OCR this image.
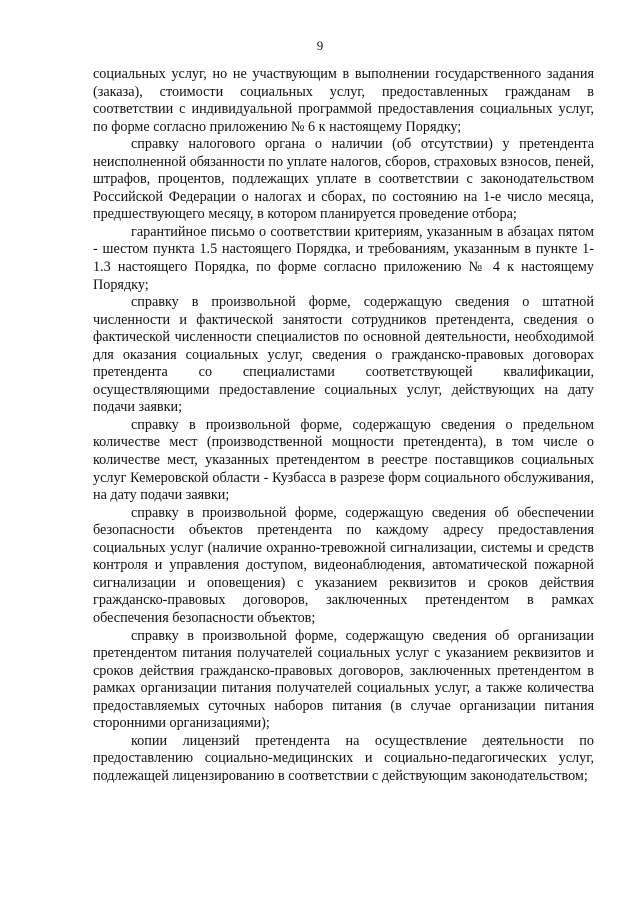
9

социальных услуг, но не участвующим в выполнении государственного задания (заказа), стоимости социальных услуг, предоставленных гражданам в соответствии с индивидуальной программой предоставления социальных услуг, по форме согласно приложению № 6 к настоящему Порядку;

справку налогового органа о наличии (об отсутствии) у претендента неисполненной обязанности по уплате налогов, сборов, страховых взносов, пеней, штрафов, процентов, подлежащих уплате в соответствии с законодательством Российской Федерации о налогах и сборах, по состоянию на 1-е число месяца, предшествующего месяцу, в котором планируется проведение отбора;

гарантийное письмо о соответствии критериям, указанным в абзацах пятом - шестом пункта 1.5 настоящего Порядка, и требованиям, указанным в пункте 1-1.3 настоящего Порядка, по форме согласно приложению № 4 к настоящему Порядку;

справку в произвольной форме, содержащую сведения о штатной численности и фактической занятости сотрудников претендента, сведения о фактической численности специалистов по основной деятельности, необходимой для оказания социальных услуг, сведения о гражданско-правовых договорах претендента со специалистами соответствующей квалификации, осуществляющими предоставление социальных услуг, действующих на дату подачи заявки;

справку в произвольной форме, содержащую сведения о предельном количестве мест (производственной мощности претендента), в том числе о количестве мест, указанных претендентом в реестре поставщиков социальных услуг Кемеровской области - Кузбасса в разрезе форм социального обслуживания, на дату подачи заявки;

справку в произвольной форме, содержащую сведения об обеспечении безопасности объектов претендента по каждому адресу предоставления социальных услуг (наличие охранно-тревожной сигнализации, системы и средств контроля и управления доступом, видеонаблюдения, автоматической пожарной сигнализации и оповещения) с указанием реквизитов и сроков действия гражданско-правовых договоров, заключенных претендентом в рамках обеспечения безопасности объектов;

справку в произвольной форме, содержащую сведения об организации претендентом питания получателей социальных услуг с указанием реквизитов и сроков действия гражданско-правовых договоров, заключенных претендентом в рамках организации питания получателей социальных услуг, а также количества предоставляемых суточных наборов питания (в случае организации питания сторонними организациями);

копии лицензий претендента на осуществление деятельности по предоставлению социально-медицинских и социально-педагогических услуг, подлежащей лицензированию в соответствии с действующим законодательством;
